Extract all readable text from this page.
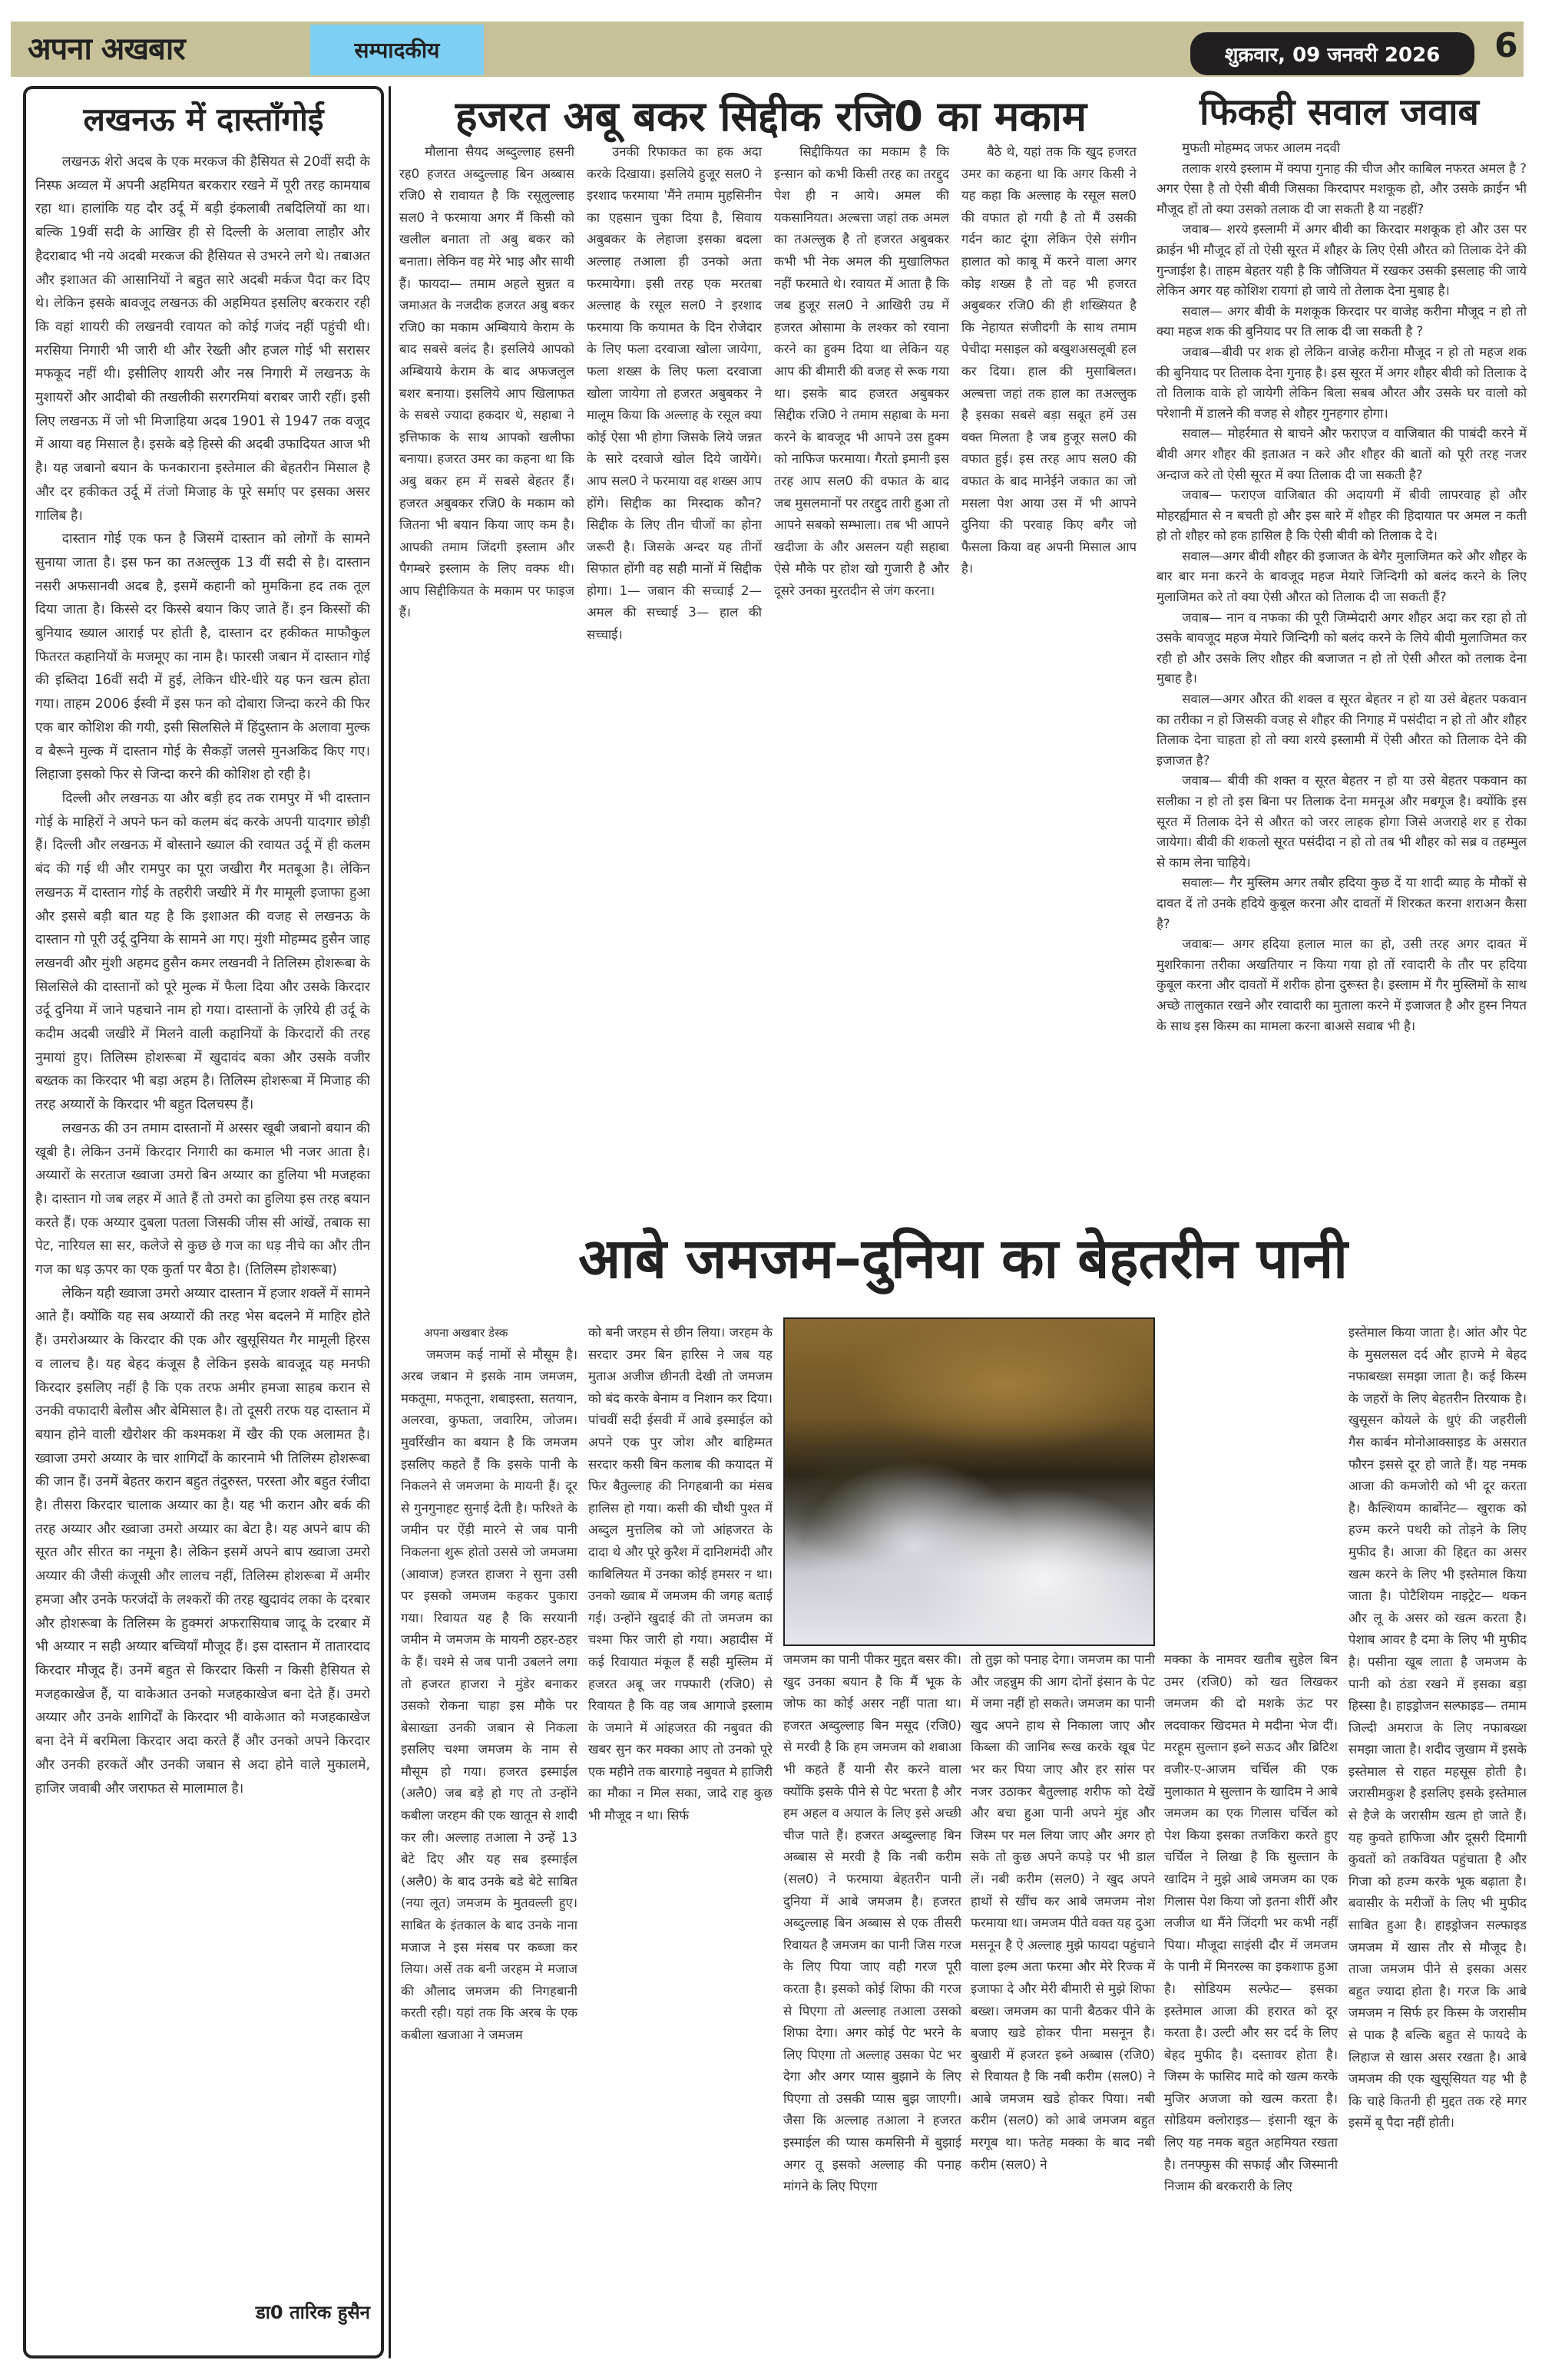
अपना अखबार	सम्पादकीय	शुक्रवार, 09 जनवरी 2026	6
लखनऊ में दास्ताँगोई

लखनऊ शेरो अदब के एक मरकज की हैसियत से 20वीं सदी के निस्फ अव्वल में अपनी अहमियत बरकरार रखने में पूरी तरह कामयाब रहा था। हालांकि यह दौर उर्दू में बड़ी इंकलाबी तबदिलियों का था। बल्कि 19वीं सदी के आखिर ही से दिल्ली के अलावा लाहौर और हैदराबाद भी नये अदबी मरकज की हैसियत से उभरने लगे थे। तबाअत और इशाअत की आसानियों ने बहुत सारे अदबी मर्कज पैदा कर दिए थे। लेकिन इसके बावजूद लखनऊ की अहमियत इसलिए बरकरार रही कि वहां शायरी की लखनवी रवायत को कोई गजंद नहीं पहुंची थी। मरसिया निगारी भी जारी थी और रेख्ती और हजल गोई भी सरासर मफकूद नहीं थी। इसीलिए शायरी और नस्र निगारी में लखनऊ के मुशायरों और आदीबो की तखलीकी सरगरमियां बराबर जारी रहीं। इसी लिए लखनऊ में जो भी मिजाहिया अदब 1901 से 1947 तक वजूद में आया वह मिसाल है। इसके बड़े हिस्से की अदबी उफादियत आज भी है। यह जबानो बयान के फनकाराना इस्तेमाल की बेहतरीन मिसाल है और दर हकीकत उर्दू में तंजो मिजाह के पूरे सर्माए पर इसका असर गालिब है।

दास्तान गोई एक फन है जिसमें दास्तान को लोगों के सामने सुनाया जाता है। इस फन का तअल्लुक 13 वीं सदी से है। दास्तान नसरी अफसानवी अदब है, इसमें कहानी को मुमकिना हद तक तूल दिया जाता है। किस्से दर किस्से बयान किए जाते हैं। इन किस्सों की बुनियाद ख्याल आराई पर होती है, दास्तान दर हकीकत माफौकुल फितरत कहानियों के मजमूए का नाम है। फारसी जबान में दास्तान गोई की इब्तिदा 16वीं सदी में हुई, लेकिन धीरे-धीरे यह फन खत्म होता गया। ताहम 2006 ईस्वी में इस फन को दोबारा जिन्दा करने की फिर एक बार कोशिश की गयी, इसी सिलसिले में हिंदुस्तान के अलावा मुल्क व बैरूने मुल्क में दास्तान गोई के सैकड़ों जलसे मुनअकिद किए गए। लिहाजा इसको फिर से जिन्दा करने की कोशिश हो रही है।

दिल्ली और लखनऊ या और बड़ी हद तक रामपुर में भी दास्तान गोई के माहिरों ने अपने फन को कलम बंद करके अपनी यादगार छोड़ी हैं। दिल्ली और लखनऊ में बोस्ताने ख्याल की रवायत उर्दू में ही कलम बंद की गई थी और रामपुर का पूरा जखीरा गैर मतबूआ है। लेकिन लखनऊ में दास्तान गोई के तहरीरी जखीरे में गैर मामूली इजाफा हुआ और इससे बड़ी बात यह है कि इशाअत की वजह से लखनऊ के दास्तान गो पूरी उर्दू दुनिया के सामने आ गए। मुंशी मोहम्मद हुसैन जाह लखनवी और मुंशी अहमद हुसैन कमर लखनवी ने तिलिस्म होशरूबा के सिलसिले की दास्तानों को पूरे मुल्क में फैला दिया और उसके किरदार उर्दू दुनिया में जाने पहचाने नाम हो गया। दास्तानों के ज़रिये ही उर्दू के कदीम अदबी जखीरे में मिलने वाली कहानियों के किरदारों की तरह नुमायां हुए। तिलिस्म होशरूबा में खुदावंद बका और उसके वजीर बख्तक का किरदार भी बड़ा अहम है। तिलिस्म होशरूबा में मिजाह की तरह अय्यारों के किरदार भी बहुत दिलचस्प हैं।

लखनऊ की उन तमाम दास्तानों में अस्सर खूबी जबानो बयान की खूबी है। लेकिन उनमें किरदार निगारी का कमाल भी नजर आता है। अय्यारों के सरताज ख्वाजा उमरो बिन अय्यार का हुलिया भी मजहका है। दास्तान गो जब लहर में आते हैं तो उमरो का हुलिया इस तरह बयान करते हैं। एक अय्यार दुबला पतला जिसकी जीस सी आंखें, तबाक सा पेट, नारियल सा सर, कलेजे से कुछ छे गज का धड़ नीचे का और तीन गज का धड़ ऊपर का एक कुर्ता पर बैठा है। (तिलिस्म होशरूबा)

लेकिन यही ख्वाजा उमरो अय्यार दास्तान में हजार शक्लें में सामने आते हैं। क्योंकि यह सब अय्यारों की तरह भेस बदलने में माहिर होते हैं। उमरोअय्यार के किरदार की एक और खुसूसियत गैर मामूली हिरस व लालच है। यह बेहद कंजूस है लेकिन इसके बावजूद यह मनफी किरदार इसलिए नहीं है कि एक तरफ अमीर हमजा साहब करान से उनकी वफादारी बेलौस और बेमिसाल है। तो दूसरी तरफ यह दास्तान में बयान होने वाली खैरोशर की कश्मकश में खैर की एक अलामत है। ख्वाजा उमरो अय्यार के चार शागिर्दों के कारनामे भी तिलिस्म होशरूबा की जान हैं। उनमें बेहतर करान बहुत तंदुरुस्त, परस्ता और बहुत रंजीदा है। तीसरा किरदार चालाक अय्यार का है। यह भी करान और बर्क की तरह अय्यार और ख्वाजा उमरो अय्यार का बेटा है। यह अपने बाप की सूरत और सीरत का नमूना है। लेकिन इसमें अपने बाप ख्वाजा उमरो अय्यार की जैसी कंजूसी और लालच नहीं, तिलिस्म होशरूबा में अमीर हमजा और उनके फरजंदों के लश्करों की तरह खुदावंद लका के दरबार और होशरूबा के तिलिस्म के हुक्मरां अफरासियाब जादू के दरबार में भी अय्यार न सही अय्यार बच्चियाँ मौजूद हैं। इस दास्तान में तातारदाद किरदार मौजूद हैं। उनमें बहुत से किरदार किसी न किसी हैसियत से मजहकाखेज हैं, या वाकेआत उनको मजहकाखेज बना देते हैं। उमरो अय्यार और उनके शागिर्दों के किरदार भी वाकेआत को मजहकाखेज बना देने में बरमिला किरदार अदा करते हैं और उनको अपने किरदार और उनकी हरकतें और उनकी जबान से अदा होने वाले मुकालमे, हाजिर जवाबी और जराफत से मालामाल है।

डा0 तारिक हुसैन
हजरत अबू बकर सिद्दीक रजि0 का मकाम
मौलाना सैयद अब्दुल्लाह हसनी रह0 हजरत अब्दुल्लाह बिन अब्बास रजि0 से रावायत है कि रसूलुल्लाह सल0 ने फरमाया अगर मैं किसी को खलील बनाता तो अबु बकर को बनाता। लेकिन वह मेरे भाइ और साथी हैं। फायदा— तमाम अहले सुन्नत व जमाअत के नजदीक हजरत अबु बकर रजि0 का मकाम अम्बियाये केराम के बाद सबसे बलंद है। इसलिये आपको अम्बियाये केराम के बाद अफजलुल बशर बनाया। इसलिये आप खिलाफत के सबसे ज्यादा हकदार थे, सहाबा ने इत्तिफाक के साथ आपको खलीफा बनाया। हजरत उमर का कहना था कि अबु बकर हम में सबसे बेहतर हैं। हजरत अबुबकर रजि0 के मकाम को जितना भी बयान किया जाए कम है। आपकी तमाम जिंदगी इस्लाम और पैगम्बरे इस्लाम के लिए वक्फ थी। आप सिद्दीकियत के मकाम पर फाइज हैं।
उनकी रिफाकत का हक अदा करके दिखाया। इसलिये हुजूर सल0 ने इरशाद फरमाया 'मैंने तमाम मुहसिनीन का एहसान चुका दिया है, सिवाय अबुबकर के लेहाजा इसका बदला अल्लाह तआला ही उनको अता फरमायेगा। इसी तरह एक मरतबा अल्लाह के रसूल सल0 ने इरशाद फरमाया कि कयामत के दिन रोजेदार के लिए फला दरवाजा खोला जायेगा, फला शख्स के लिए फला दरवाजा खोला जायेगा तो हजरत अबुबकर ने मालूम किया कि अल्लाह के रसूल क्या कोई ऐसा भी होगा जिसके लिये जन्नत के सारे दरवाजे खोल दिये जायेंगे। आप सल0 ने फरमाया वह शख्स आप होंगे। सिद्दीक का मिस्दाक कौन? सिद्दीक के लिए तीन चीजों का होना जरूरी है। जिसके अन्दर यह तीनों सिफात होंगी वह सही मानों में सिद्दीक होगा। 1— जबान की सच्चाई 2— अमल की सच्चाई 3— हाल की सच्चाई।
सिद्दीकियत का मकाम है कि इन्सान को कभी किसी तरह का तरद्दुद पेश ही न आये। अमल की यकसानियत। अल्बत्ता जहां तक अमल का तअल्लुक है तो हजरत अबुबकर कभी भी नेक अमल की मुखालिफत नहीं फरमाते थे। रवायत में आता है कि जब हुजूर सल0 ने आखिरी उम्र में हजरत ओसामा के लश्कर को रवाना करने का हुक्म दिया था लेकिन यह आप की बीमारी की वजह से रूक गया था। इसके बाद हजरत अबुबकर सिद्दीक रजि0 ने तमाम सहाबा के मना करने के बावजूद भी आपने उस हुक्म को नाफिज फरमाया। गैरतो इमानी इस तरह आप सल0 की वफात के बाद जब मुसलमानों पर तरद्दुद तारी हुआ तो आपने सबको सम्भाला। तब भी आपने खदीजा के और असलन यही सहाबा ऐसे मौके पर होश खो गुजारी है और दूसरे उनका मुरतदीन से जंग करना।
बैठे थे, यहां तक कि खुद हजरत उमर का कहना था कि अगर किसी ने यह कहा कि अल्लाह के रसूल सल0 की वफात हो गयी है तो मैं उसकी गर्दन काट दूंगा लेकिन ऐसे संगीन हालात को काबू में करने वाला अगर कोइ शख्स है तो वह भी हजरत अबुबकर रजि0 की ही शख्सियत है कि नेहायत संजीदगी के साथ तमाम पेचीदा मसाइल को बखुशअसलूबी हल कर दिया। हाल की मुसाबिलत। अल्बत्ता जहां तक हाल का तअल्लुक है इसका सबसे बड़ा सबूत हमें उस वक्त मिलता है जब हुजूर सल0 की वफात हुई। इस तरह आप सल0 की वफात के बाद मानेईने जकात का जो मसला पेश आया उस में भी आपने दुनिया की परवाह किए बगैर जो फैसला किया वह अपनी मिसाल आप है।
फिकही सवाल जवाब

मुफती मोहम्मद जफर आलम नदवी

तलाक शरये इस्लाम में क्यपा गुनाह की चीज और काबिल नफरत अमल है ? अगर ऐसा है तो ऐसी बीवी जिसका किरदापर मशकूक हो, और उसके क्राईन भी मौजूद हों तो क्या उसको तलाक दी जा सकती है या नहहीं?

जवाब— शरये इस्लामी में अगर बीवी का किरदार मशकूक हो और उस पर क्राईन भी मौजूद हों तो ऐसी सूरत में शौहर के लिए ऐसी औरत को तिलाक देने की गुन्जाईश है। ताहम बेहतर यही है कि जौजियत में रखकर उसकी इसलाह की जाये लेकिन अगर यह कोशिश रायगां हो जाये तो तेलाक देना मुबाह है।

सवाल— अगर बीवी के मशकूक किरदार पर वाजेह करीना मौजूद न हो तो क्या महज शक की बुनियाद पर ति लाक दी जा सकती है ?

जवाब—बीवी पर शक हो लेकिन वाजेह करीना मौजूद न हो तो महज शक की बुनियाद पर तिलाक देना गुनाह है। इस सूरत में अगर शौहर बीवी को तिलाक दे तो तिलाक वाके हो जायेगी लेकिन बिला सबब औरत और उसके घर वालो को परेशानी में डालने की वजह से शौहर गुनहगार होगा।

सवाल— मोहर्रमात से बाचने और फराएज व वाजिबात की पाबंदी करने में बीवी अगर शौहर की इताअत न करे और शौहर की बातों को पूरी तरह नजर अन्दाज करे तो ऐसी सूरत में क्या तिलाक दी जा सकती है?

जवाब— फराएज वाजिबात की अदायगी में बीवी लापरवाह हो और मोहरर्ह्यमात से न बचती हो और इस बारे में शौहर की हिदायात पर अमल न कती हो तो शौहर को हक हासिल है कि ऐसी बीवी को तिलाक दे दे।

सवाल—अगर बीवी शौहर की इजाजत के बेगैर मुलाजिमत करे और शौहर के बार बार मना करने के बावजूद महज मेयारे जिन्दिगी को बलंद करने के लिए मुलाजिमत करे तो क्या ऐसी औरत को तिलाक दी जा सकती हैं?

जवाब— नान व नफका की पूरी जिम्मेदारी अगर शौहर अदा कर रहा हो तो उसके बावजूद महज मेयारे जिन्दिगी को बलंद करने के लिये बीवी मुलाजिमत कर रही हो और उसके लिए शौहर की बजाजत न हो तो ऐसी औरत को तलाक देना मुबाह है।

सवाल—अगर औरत की शक्ल व सूरत बेहतर न हो या उसे बेहतर पकवान का तरीका न हो जिसकी वजह से शौहर की निगाह में पसंदीदा न हो तो और शौहर तिलाक देना चाहता हो तो क्या शरये इस्लामी में ऐसी औरत को तिलाक देने की इजाजत है?

जवाब— बीवी की शक्त व सूरत बेहतर न हो या उसे बेहतर पकवान का सलीका न हो तो इस बिना पर तिलाक देना ममनूअ और मबगूज है। क्योंकि इस सूरत में तिलाक देने से औरत को जरर लाहक होगा जिसे अजराहे शर ह रोका जायेगा। बीवी की शकलो सूरत पसंदीदा न हो तो तब भी शौहर को सब्र व तहम्मुल से काम लेना चाहिये।

सवालः— गैर मुस्लिम अगर तबौर हदिया कुछ दें या शादी ब्याह के मौकों से दावत दें तो उनके हदिये कुबूल करना और दावतों में शिरकत करना शराअन कैसा है?

जवाबः— अगर हदिया हलाल माल का हो, उसी तरह अगर दावत में मुशरिकाना तरीका अखतियार न किया गया हो तों रवादारी के तौर पर हदिया कुबूल करना और दावतों में शरीक होना दुरूस्त है। इस्लाम में गैर मुस्लिमों के साथ अच्छे तालुकात रखने और रवादारी का मुताला करने में इजाजत है और हुस्न नियत के साथ इस किस्म का मामला करना बाअसे सवाब भी है।

आबे जमजम–दुनिया का बेहतरीन पानी

अपना अखबार डेस्क

जमजम कई नामों से मौसूम है। अरब जबान मे इसके नाम जमजम, मकतूमा, मफतूना, शबाइस्ता, सतयान, अलरवा, कुफता, जवारिम, जोजम। मुवर्रिखीन का बयान है कि जमजम इसलिए कहते हैं कि इसके पानी के निकलने से जमजमा के मायनी हैं। दूर से गुनगुनाहट सुनाई देती है। फरिश्ते के जमीन पर ऐंड़ी मारने से जब पानी निकलना शुरू होतो उससे जो जमजमा (आवाज) हजरत हाजरा ने सुना उसी पर इसको जमजम कहकर पुकारा गया। रिवायत यह है कि सरयानी जमीन मे जमजम के मायनी ठहर-ठहर के हैं। चश्मे से जब पानी उबलने लगा तो हजरत हाजरा ने मुंडेर बनाकर उसको रोकना चाहा इस मौके पर बेसाख्ता उनकी जबान से निकला इसलिए चश्मा जमजम के नाम से मौसूम हो गया। हजरत इस्माईल (अलै0) जब बड़े हो गए तो उन्होंने कबीला जरहम की एक खातून से शादी कर ली। अल्लाह तआला ने उन्हें 13 बेटे दिए और यह सब इस्माईल (अलै0) के बाद उनके बडे बेटे साबित (नया लूत) जमजम के मुतवल्ली हुए। साबित के इंतकाल के बाद उनके नाना मजाज ने इस मंसब पर कब्जा कर लिया। अर्से तक बनी जरहम मे मजाज की औलाद जमजम की निगहबानी करती रही। यहां तक कि अरब के एक कबीला खजाआ ने जमजम

को बनी जरहम से छीन लिया। जरहम के सरदार उमर बिन हारिस ने जब यह मुताअ अजीज छीनती देखी तो जमजम को बंद करके बेनाम व निशान कर दिया। पांचवीं सदी ईसवी में आबे इस्माईल को अपने एक पुर जोश और बाहिम्मत सरदार कसी बिन कलाब की कयादत में फिर बैतुल्लाह की निगहबानी का मंसब हालिस हो गया। कसी की चौथी पुश्त में अब्दुल मुत्तलिब को जो आंहजरत के दादा थे और पूरे कुरैश में दानिशमंदी और काबिलियत में उनका कोई हमसर न था। उनको ख्वाब में जमजम की जगह बताई गई। उन्होंने खुदाई की तो जमजम का चश्मा फिर जारी हो गया। अहादीस में कई रिवायात मंकूल हैं सही मुस्लिम में हजरत अबू जर गफ्फारी (रजि0) से रिवायत है कि वह जब आगाजे इस्लाम के जमाने में आंहजरत की नबुवत की खबर सुन कर मक्का आए तो उनको पूरे एक महीने तक बारगाहे नबुवत मे हाजिरी का मौका न मिल सका, जादे राह कुछ भी मौजूद न था। सिर्फ

जमजम का पानी पीकर मुद्दत बसर की। खुद उनका बयान है कि मैं भूक के जोफ का कोई असर नहीं पाता था। हजरत अब्दुल्लाह बिन मसूद (रजि0) से मरवी है कि हम जमजम को शबाआ भी कहते हैं यानी सैर करने वाला क्योंकि इसके पीने से पेट भरता है और हम अहल व अयाल के लिए इसे अच्छी चीज पाते हैं। हजरत अब्दुल्लाह बिन अब्बास से मरवी है कि नबी करीम (सल0) ने फरमाया बेहतरीन पानी दुनिया में आबे जमजम है। हजरत अब्दुल्लाह बिन अब्बास से एक तीसरी रिवायत है जमजम का पानी जिस गरज के लिए पिया जाए वही गरज पूरी करता है। इसको कोई शिफा की गरज से पिएगा तो अल्लाह तआला उसको शिफा देगा। अगर कोई पेट भरने के लिए पिएगा तो अल्लाह उसका पेट भर देगा और अगर प्यास बुझाने के लिए पिएगा तो उसकी प्यास बुझ जाएगी। जैसा कि अल्लाह तआला ने हजरत इस्माईल की प्यास कमसिनी में बुझाई अगर तू इसको अल्लाह की पनाह मांगने के लिए पिएगा

तो तुझ को पनाह देगा। जमजम का पानी और जहन्नुम की आग दोनों इंसान के पेट में जमा नहीं हो सकते। जमजम का पानी खुद अपने हाथ से निकाला जाए और किब्ला की जानिब रूख करके खूब पेट भर कर पिया जाए और हर सांस पर नजर उठाकर बैतुल्लाह शरीफ को देखें और बचा हुआ पानी अपने मुंह और जिस्म पर मल लिया जाए और अगर हो सके तो कुछ अपने कपड़े पर भी डाल लें। नबी करीम (सल0) ने खुद अपने हाथों से खींच कर आबे जमजम नोश फरमाया था। जमजम पीते वक्त यह दुआ मसनून है ऐ अल्लाह मुझे फायदा पहुंचाने वाला इल्म अता फरमा और मेरे रिज्क में इजाफा दे और मेरी बीमारी से मुझे शिफा बख्श। जमजम का पानी बैठकर पीने के बजाए खडे होकर पीना मसनून है। बुखारी में हजरत इब्ने अब्बास (रजि0) से रिवायत है कि नबी करीम (सल0) ने आबे जमजम खडे होकर पिया। नबी करीम (सल0) को आबे जमजम बहुत मरगूब था। फतेह मक्का के बाद नबी करीम (सल0) ने

मक्का के नामवर खतीब सुहेल बिन उमर (रजि0) को खत लिखकर जमजम की दो मशके ऊंट पर लदवाकर खिदमत मे मदीना भेज दीं। मरहूम सुल्तान इब्ने सऊद और ब्रिटिश वजीर-ए-आजम चर्चिल की एक मुलाकात मे सुल्तान के खादिम ने आबे जमजम का एक गिलास चर्चिल को पेश किया इसका तजकिरा करते हुए चर्चिल ने लिखा है कि सुल्तान के खादिम ने मुझे आबे जमजम का एक गिलास पेश किया जो इतना शीरीं और लजीज था मैंने जिंदगी भर कभी नहीं पिया। मौजूदा साइंसी दौर में जमजम के पानी में मिनरल्स का इकशाफ हुआ है। सोडियम सल्फेट— इसका इस्तेमाल आजा की हरारत को दूर करता है। उल्टी और सर दर्द के लिए बेहद मुफीद है। दस्तावर होता है। जिस्म के फासिद मादे को खत्म करके मुजिर अजजा को खत्म करता है। सोडियम क्लोराइड— इंसानी खून के लिए यह नमक बहुत अहमियत रखता है। तनफ्फुस की सफाई और जिस्मानी निजाम की बरकरारी के लिए

इस्तेमाल किया जाता है। आंत और पेट के मुसलसल दर्द और हाज्मे मे बेहद नफाबख्श समझा जाता है। कई किस्म के जहरों के लिए बेहतरीन तिरयाक है। खुसूसन कोयले के धुएं की जहरीली गैस कार्बन मोनोआक्साइड के असरात फौरन इससे दूर हो जाते हैं। यह नमक आजा की कमजोरी को भी दूर करता है। कैल्शियम कार्बोनेट— खुराक को हज्म करने पथरी को तोड़ने के लिए मुफीद है। आजा की हिद्दत का असर खत्म करने के लिए भी इस्तेमाल किया जाता है। पोटैशियम नाइट्रेट— थकन और लू के असर को खत्म करता है। पेशाब आवर है दमा के लिए भी मुफीद है। पसीना खूब लाता है जमजम के पानी को ठंडा रखने में इसका बड़ा हिस्सा है। हाइड्रोजन सल्फाइड— तमाम जिल्दी अमराज के लिए नफाबख्श समझा जाता है। शदीद जुखाम में इसके इस्तेमाल से राहत महसूस होती है। जरासीमकुश है इसलिए इसके इस्तेमाल से हैजे के जरासीम खत्म हो जाते हैं। यह कुवते हाफिजा और दूसरी दिमागी कुवतों को तकवियत पहुंचाता है और गिजा को हज्म करके भूक बढ़ाता है। बवासीर के मरीजों के लिए भी मुफीद साबित हुआ है। हाइड्रोजन सल्फाइड जमजम में खास तौर से मौजूद है। ताजा जमजम पीने से इसका असर बहुत ज्यादा होता है। गरज कि आबे जमजम न सिर्फ हर किस्म के जरासीम से पाक है बल्कि बहुत से फायदे के लिहाज से खास असर रखता है। आबे जमजम की एक खुसूसियत यह भी है कि चाहे कितनी ही मुद्दत तक रहे मगर इसमें बू पैदा नहीं होती।
